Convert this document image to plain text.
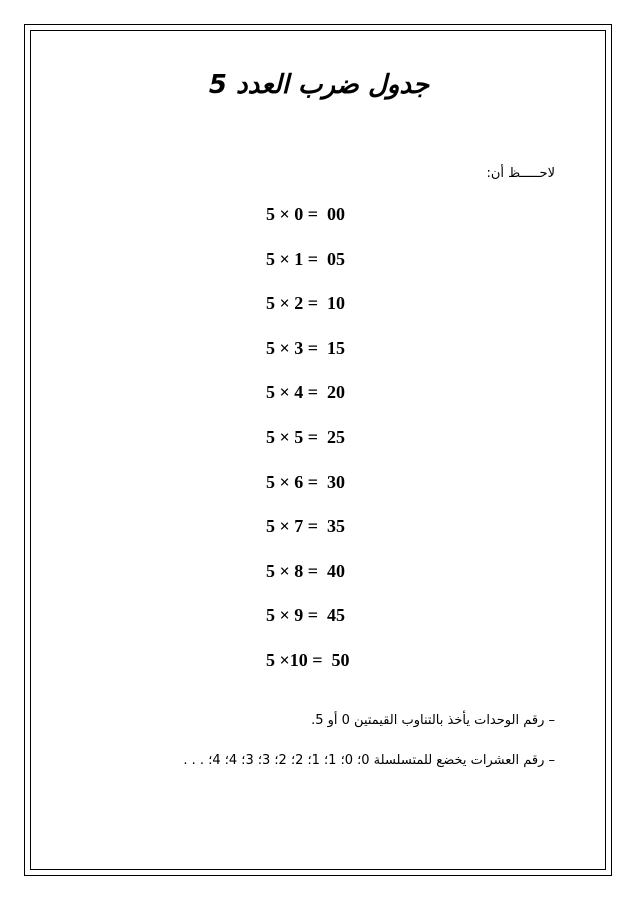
جدول ضرب العدد 5
لاحـــــظ أن:
5 × 0 =  00
5 × 1 =  05
5 × 2 =  10
5 × 3 =  15
5 × 4 =  20
5 × 5 =  25
5 × 6 =  30
5 × 7 =  35
5 × 8 =  40
5 × 9 =  45
5 ×10 =  50
– رقم الوحدات يأخذ بالتناوب القيمتين 0 أو 5.
– رقم العشرات يخضع للمتسلسلة 0؛ 0؛ 1؛ 1؛ 2؛ 2؛ 3؛ 3؛ 4؛ 4؛ . . .
